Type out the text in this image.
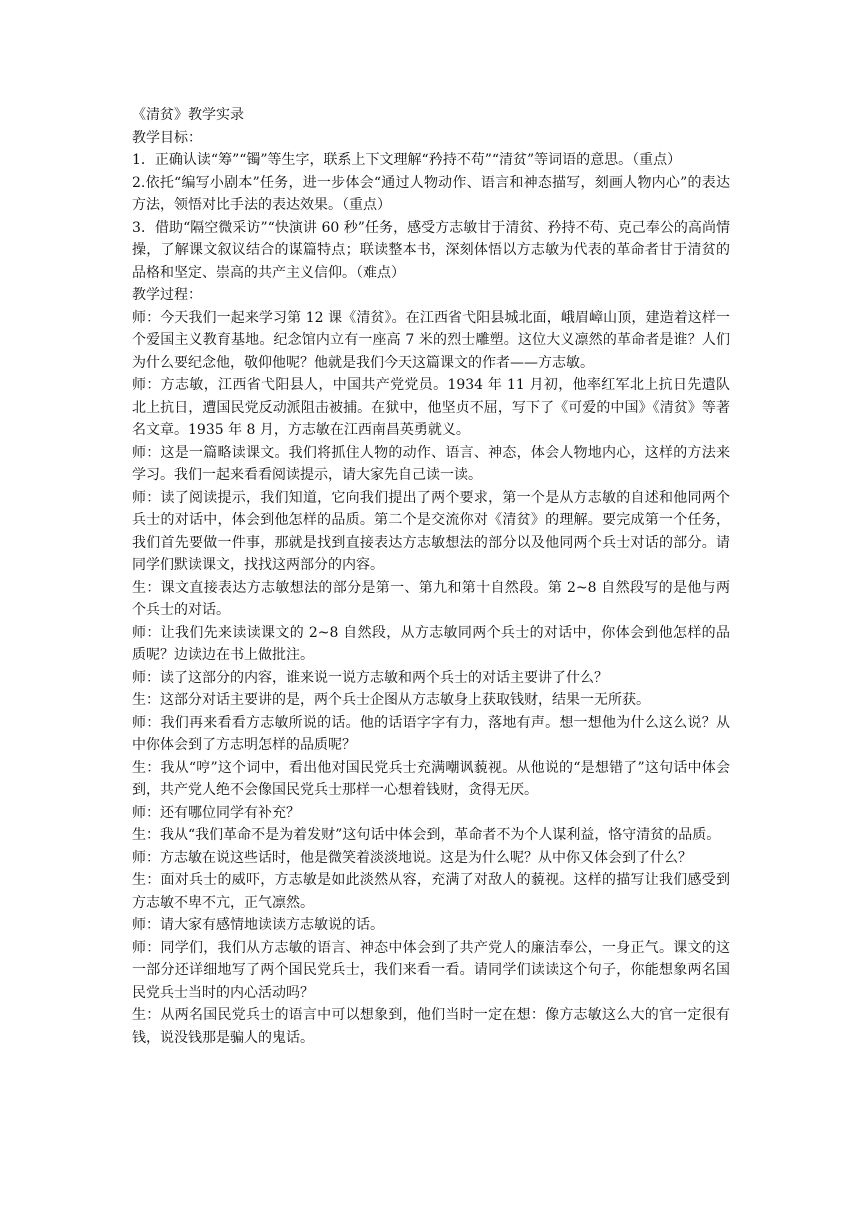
《清贫》教学实录

教学目标：

1．正确认读“筹”“镯”等生字，联系上下文理解“矜持不苟”“清贫”等词语的意思。（重点）

2.依托“编写小剧本”任务，进一步体会“通过人物动作、语言和神态描写，刻画人物内心”的表达方法，领悟对比手法的表达效果。（重点）

3．借助“隔空微采访”“快演讲 60 秒”任务，感受方志敏甘于清贫、矜持不苟、克己奉公的高尚情操，了解课文叙议结合的谋篇特点；联读整本书，深刻体悟以方志敏为代表的革命者甘于清贫的品格和坚定、崇高的共产主义信仰。（难点）

教学过程：

师：今天我们一起来学习第 12 课《清贫》。在江西省弋阳县城北面，峨眉嶂山顶，建造着这样一个爱国主义教育基地。纪念馆内立有一座高 7 米的烈士雕塑。这位大义凛然的革命者是谁？人们为什么要纪念他，敬仰他呢？他就是我们今天这篇课文的作者——方志敏。

师：方志敏，江西省弋阳县人，中国共产党党员。1934 年 11 月初，他率红军北上抗日先遣队北上抗日，遭国民党反动派阻击被捕。在狱中，他坚贞不屈，写下了《可爱的中国》《清贫》等著名文章。1935 年 8 月，方志敏在江西南昌英勇就义。

师：这是一篇略读课文。我们将抓住人物的动作、语言、神态，体会人物地内心，这样的方法来学习。我们一起来看看阅读提示，请大家先自己读一读。

师：读了阅读提示，我们知道，它向我们提出了两个要求，第一个是从方志敏的自述和他同两个兵士的对话中，体会到他怎样的品质。第二个是交流你对《清贫》的理解。要完成第一个任务，我们首先要做一件事，那就是找到直接表达方志敏想法的部分以及他同两个兵士对话的部分。请同学们默读课文，找找这两部分的内容。

生：课文直接表达方志敏想法的部分是第一、第九和第十自然段。第 2~8 自然段写的是他与两个兵士的对话。

师：让我们先来读读课文的 2~8 自然段，从方志敏同两个兵士的对话中，你体会到他怎样的品质呢？边读边在书上做批注。

师：读了这部分的内容，谁来说一说方志敏和两个兵士的对话主要讲了什么？

生：这部分对话主要讲的是，两个兵士企图从方志敏身上获取钱财，结果一无所获。

师：我们再来看看方志敏所说的话。他的话语字字有力，落地有声。想一想他为什么这么说？从中你体会到了方志明怎样的品质呢？

生：我从“哼”这个词中，看出他对国民党兵士充满嘲讽藐视。从他说的“是想错了”这句话中体会到，共产党人绝不会像国民党兵士那样一心想着钱财，贪得无厌。

师：还有哪位同学有补充？

生：我从“我们革命不是为着发财”这句话中体会到，革命者不为个人谋利益，恪守清贫的品质。

师：方志敏在说这些话时，他是微笑着淡淡地说。这是为什么呢？从中你又体会到了什么？

生：面对兵士的威吓，方志敏是如此淡然从容，充满了对敌人的藐视。这样的描写让我们感受到方志敏不卑不亢，正气凛然。

师：请大家有感情地读读方志敏说的话。

师：同学们，我们从方志敏的语言、神态中体会到了共产党人的廉洁奉公，一身正气。课文的这一部分还详细地写了两个国民党兵士，我们来看一看。请同学们读读这个句子，你能想象两名国民党兵士当时的内心活动吗？

生：从两名国民党兵士的语言中可以想象到，他们当时一定在想：像方志敏这么大的官一定很有钱，说没钱那是骗人的鬼话。
